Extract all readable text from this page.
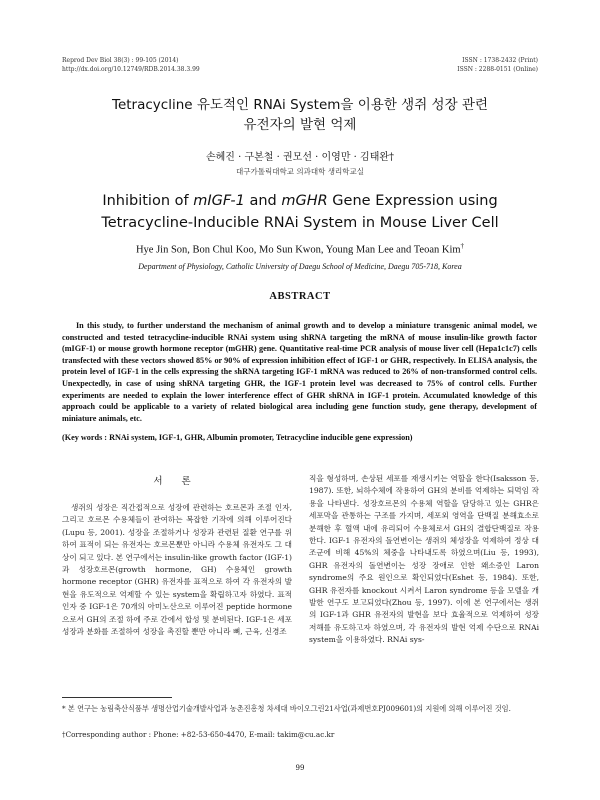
Reprod Dev Biol 38(3) : 99-105 (2014)
http://dx.doi.org/10.12749/RDB.2014.38.3.99
ISSN : 1738-2432 (Print)
ISSN : 2288-0151 (Online)
Tetracycline 유도적인 RNAi System을 이용한 생쥐 성장 관련
유전자의 발현 억제
손혜진 · 구본철 · 권모선 · 이영만 · 김태완†
대구가톨릭대학교 의과대학 생리학교실
Inhibition of mIGF-1 and mGHR Gene Expression using
Tetracycline-Inducible RNAi System in Mouse Liver Cell
Hye Jin Son, Bon Chul Koo, Mo Sun Kwon, Young Man Lee and Teoan Kim†
Department of Physiology, Catholic University of Daegu School of Medicine, Daegu 705-718, Korea
ABSTRACT
In this study, to further understand the mechanism of animal growth and to develop a miniature transgenic animal model, we constructed and tested tetracycline-inducible RNAi system using shRNA targeting the mRNA of mouse insulin-like growth factor (mIGF-1) or mouse growth hormone receptor (mGHR) gene. Quantitative real-time PCR analysis of mouse liver cell (Hepa1c1c7) cells transfected with these vectors showed 85% or 90% of expression inhibition effect of IGF-1 or GHR, respectively. In ELISA analysis, the protein level of IGF-1 in the cells expressing the shRNA targeting IGF-1 mRNA was reduced to 26% of non-transformed control cells. Unexpectedly, in case of using shRNA targeting GHR, the IGF-1 protein level was decreased to 75% of control cells. Further experiments are needed to explain the lower interference effect of GHR shRNA in IGF-1 protein. Accumulated knowledge of this approach could be applicable to a variety of related biological area including gene function study, gene therapy, development of miniature animals, etc.
(Key words : RNAi system, IGF-1, GHR, Albumin promoter, Tetracycline inducible gene expression)
서 론
생쥐의 성장은 직간접적으로 성장에 관련하는 호르몬과 조절 인자, 그리고 호르몬 수용체들이 관여하는 복잡한 기작에 의해 이루어진다(Lupu 등, 2001). 성장을 조절하거나 성장과 관련된 질환 연구를 위하여 표적이 되는 유전자는 호르몬뿐만 아니라 수용체 유전자도 그 대상이 되고 있다. 본 연구에서는 insulin-like growth factor (IGF-1)과 성장호르몬(growth hormone, GH) 수용체인 growth hormone receptor (GHR) 유전자를 표적으로 하여 각 유전자의 발현을 유도적으로 억제할 수 있는 system을 확립하고자 하였다. 표적 인자 중 IGF-1은 70개의 아미노산으로 이루어진 peptide hormone으로서 GH의 조절 하에 주로 간에서 합성 및 분비된다. IGF-1은 세포성장과 분화를 조절하여 성장을 촉진할 뿐만 아니라 뼈, 근육, 신경조
직을 형성하며, 손상된 세포를 재생시키는 역할을 한다(Isaksson 등, 1987). 또한, 뇌하수체에 작용하여 GH의 분비를 억제하는 되먹임 작용을 나타낸다. 성장호르몬의 수용체 역할을 담당하고 있는 GHR은 세포막을 관통하는 구조를 가지며, 세포외 영역을 단백질 분해효소로 분해한 후 혈액 내에 유리되어 수용체로서 GH의 결합단백질로 작용한다. IGF-1 유전자의 돌연변이는 생쥐의 체성장을 억제하여 정상 대조군에 비해 45%의 체중을 나타내도록 하였으며(Liu 등, 1993), GHR 유전자의 돌연변이는 성장 장애로 인한 왜소증인 Laron syndrome의 주요 원인으로 확인되었다(Eshet 등, 1984). 또한, GHR 유전자를 knockout 시켜서 Laron syndrome 등을 모델을 개발한 연구도 보고되었다(Zhou 등, 1997). 이에 본 연구에서는 생쥐의 IGF-1과 GHR 유전자의 발현을 보다 효율적으로 억제하여 성장 저해를 유도하고자 하였으며, 각 유전자의 발현 억제 수단으로 RNAi system을 이용하였다. RNAi sys-
* 본 연구는 농림축산식품부 생명산업기술개발사업과 농촌진흥청 차세대 바이오그린21사업(과제번호PJ009601)의 지원에 의해 이루어진 것임.
†Corresponding author : Phone: +82-53-650-4470, E-mail: takim@cu.ac.kr
99
